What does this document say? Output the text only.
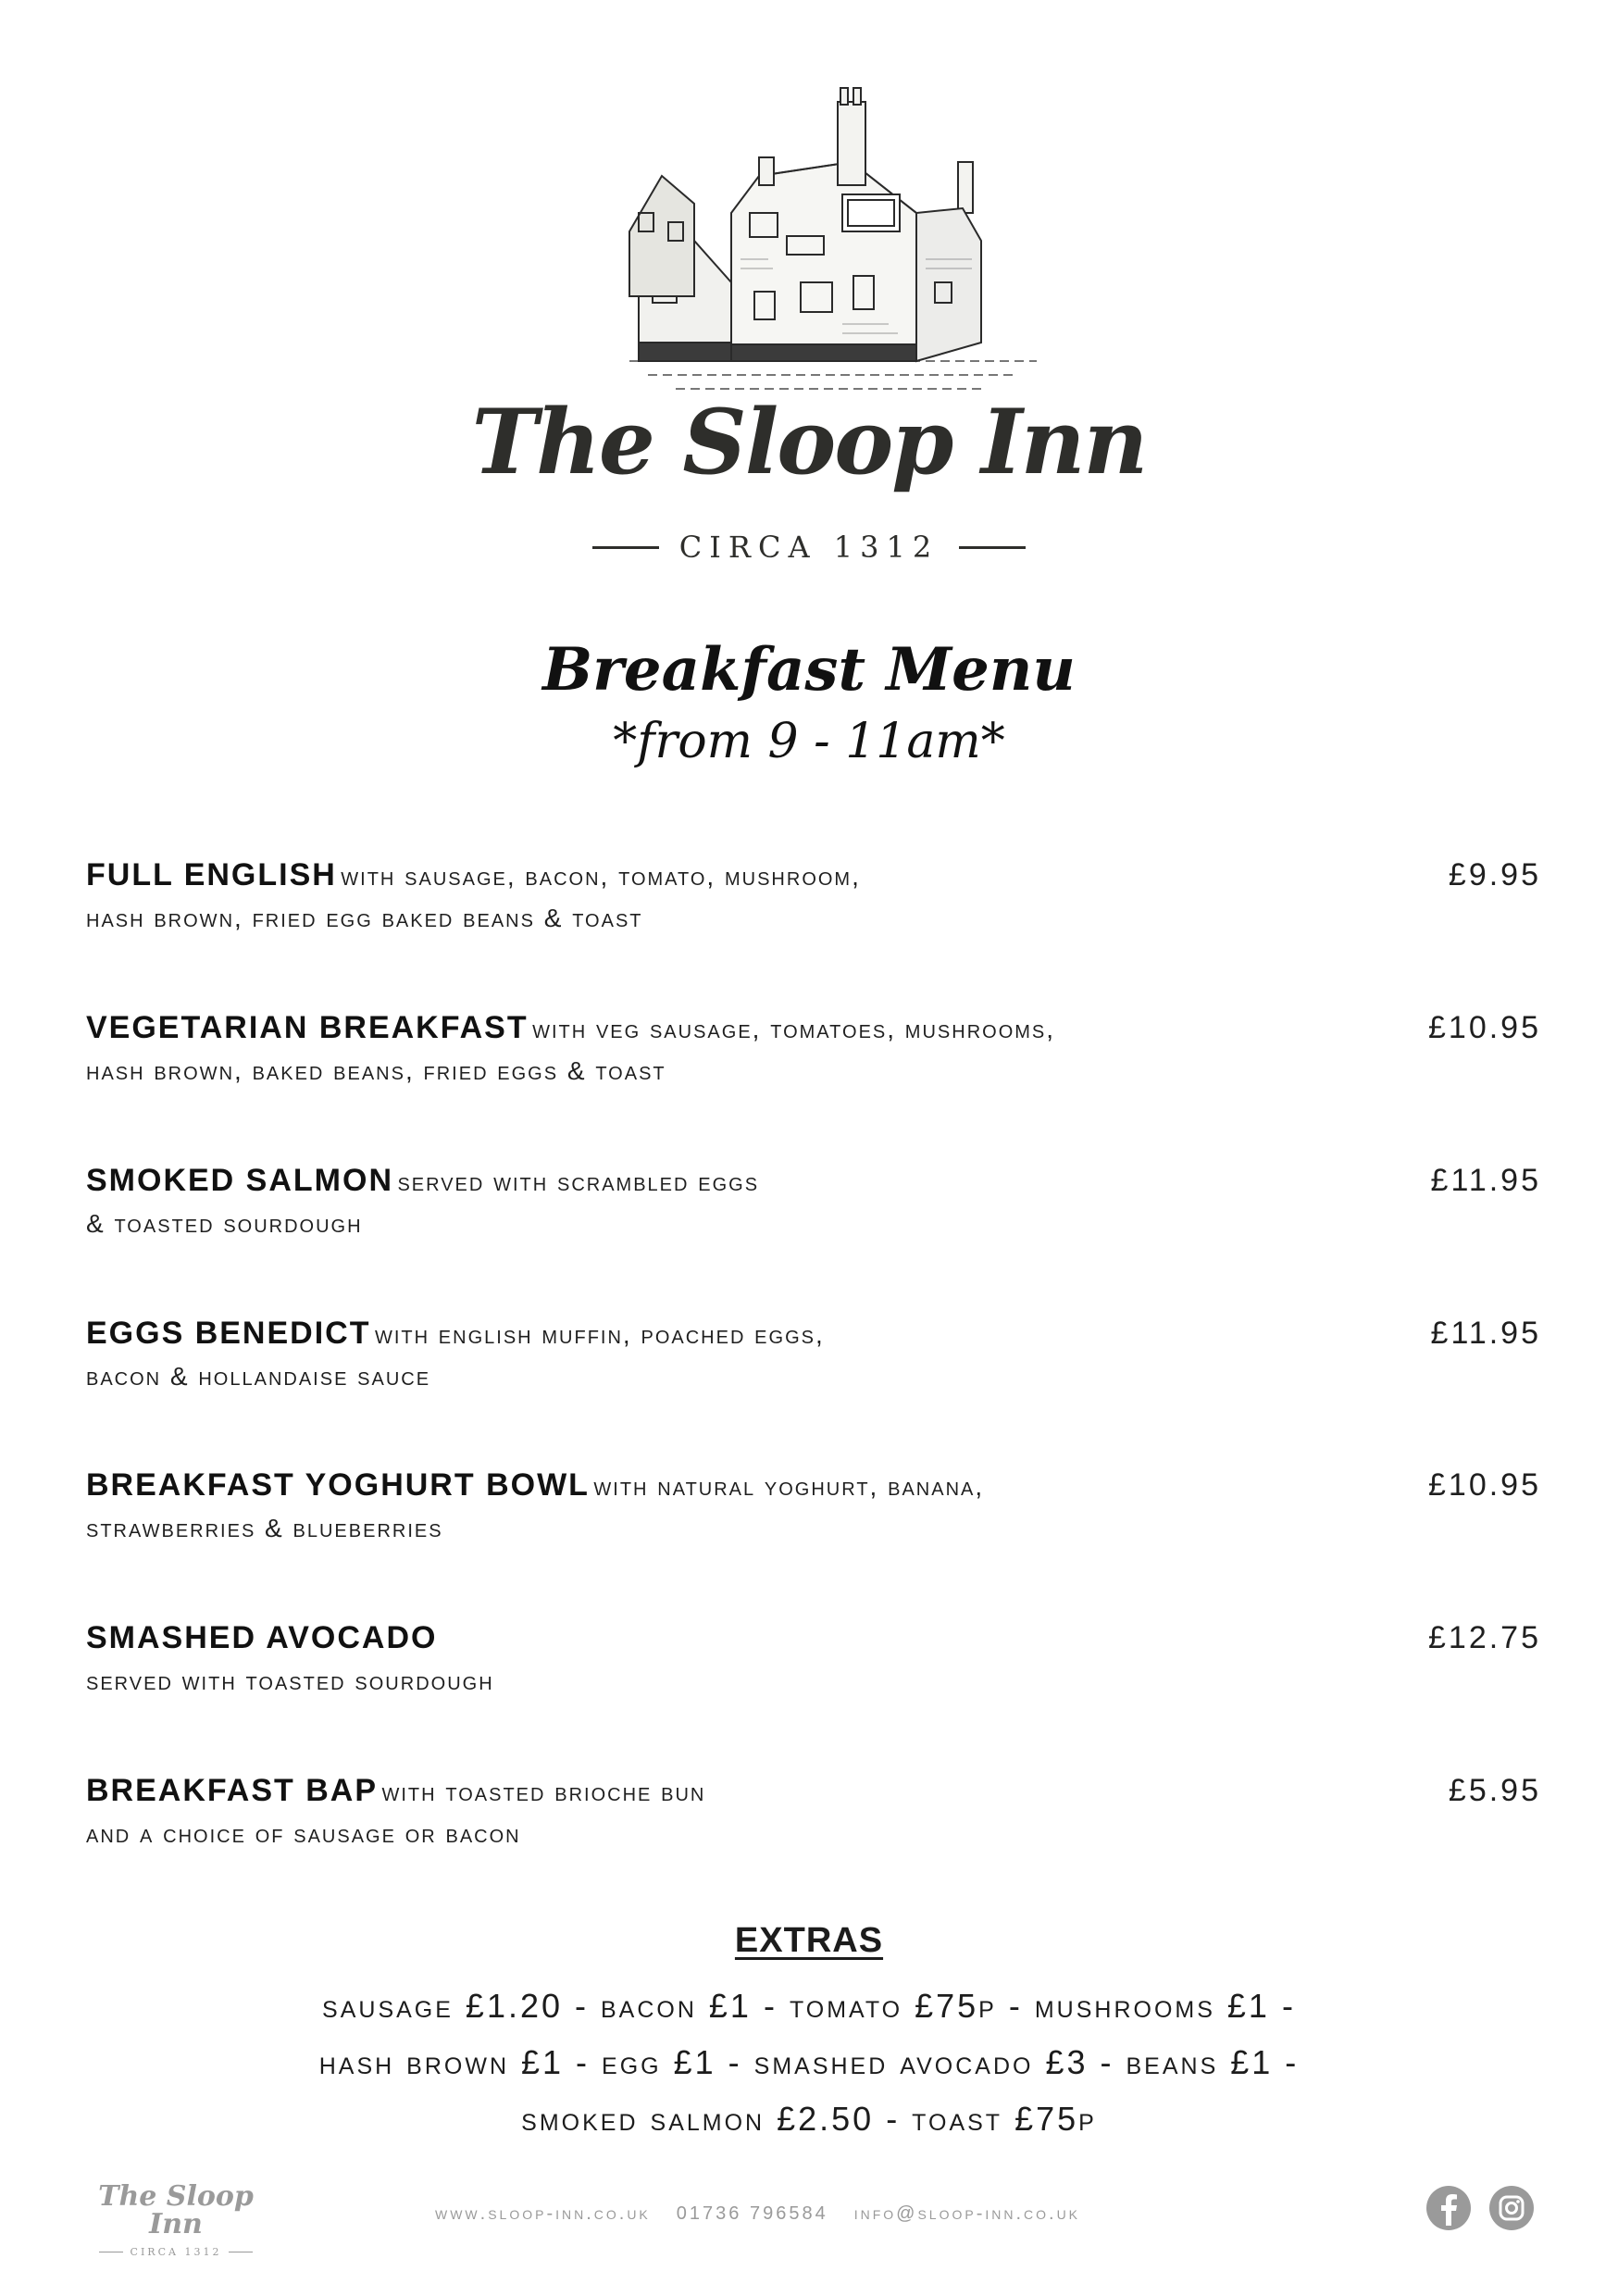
The Sloop Inn
CIRCA 1312
Breakfast Menu
*from 9 - 11am*
FULL ENGLISH with sausage, bacon, tomato, mushroom,
hash brown, fried egg baked beans & toast
£9.95
VEGETARIAN BREAKFAST with veg sausage, tomatoes, mushrooms,
hash brown, baked beans, fried eggs & toast
£10.95
SMOKED SALMON served with scrambled eggs
& toasted sourdough
£11.95
EGGS BENEDICT with english muffin, poached eggs,
bacon & hollandaise sauce
£11.95
BREAKFAST YOGHURT BOWL with natural yoghurt, banana,
strawberries & blueberries
£10.95
SMASHED AVOCADO
served with toasted sourdough
£12.75
BREAKFAST BAP with toasted brioche bun
and a choice of sausage or bacon
£5.95
EXTRAS
sausage £1.20 - bacon £1 - tomato £75p - mushrooms £1 -
hash brown £1 - egg £1 - smashed avocado £3 - beans £1 -
smoked salmon £2.50 - toast £75p
The Sloop Inn
CIRCA 1312
www.sloop-inn.co.uk 01736 796584 info@sloop-inn.co.uk
